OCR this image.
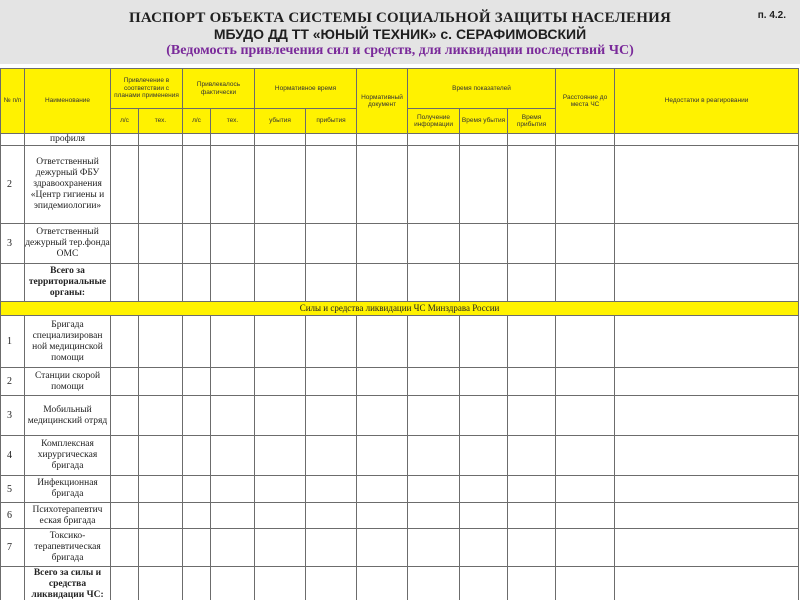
ПАСПОРТ ОБЪЕКТА СИСТЕМЫ СОЦИАЛЬНОЙ ЗАЩИТЫ НАСЕЛЕНИЯ
МБУДО ДД ТТ «ЮНЫЙ ТЕХНИК» с. СЕРАФИМОВСКИЙ
(Ведомость привлечения сил и средств, для ликвидации последствий ЧС)
п. 4.2.
№ п/п	Наименование	Привлечение в соответствии с планами применения		Привлекалось фактически		Нормативное время		Нормативный документ	Время показателей			Расстояние до места ЧС	Недостатки в реагировании
		л/с	тех.	л/с	тех.	убытия	прибытия		Получение информации	Время убытия	Время прибытия		
	профиля												
2	Ответственный дежурный ФБУ здравоохранения «Центр гигиены и эпидемиологии»												
3	Ответственный дежурный тер.фонда ОМС												
	Всего за территориальные органы:												
Силы и средства ликвидации ЧС Минздрава России													
1	Бригада специализирован ной медицинской помощи												
2	Станции скорой помощи												
3	Мобильный медицинский отряд												
4	Комплексная хирургическая бригада												
5	Инфекционная бригада												
6	Психотерапевтич еская бригада												
7	Токсико-терапевтическая бригада												
	Всего за силы и средства ликвидации ЧС:												
